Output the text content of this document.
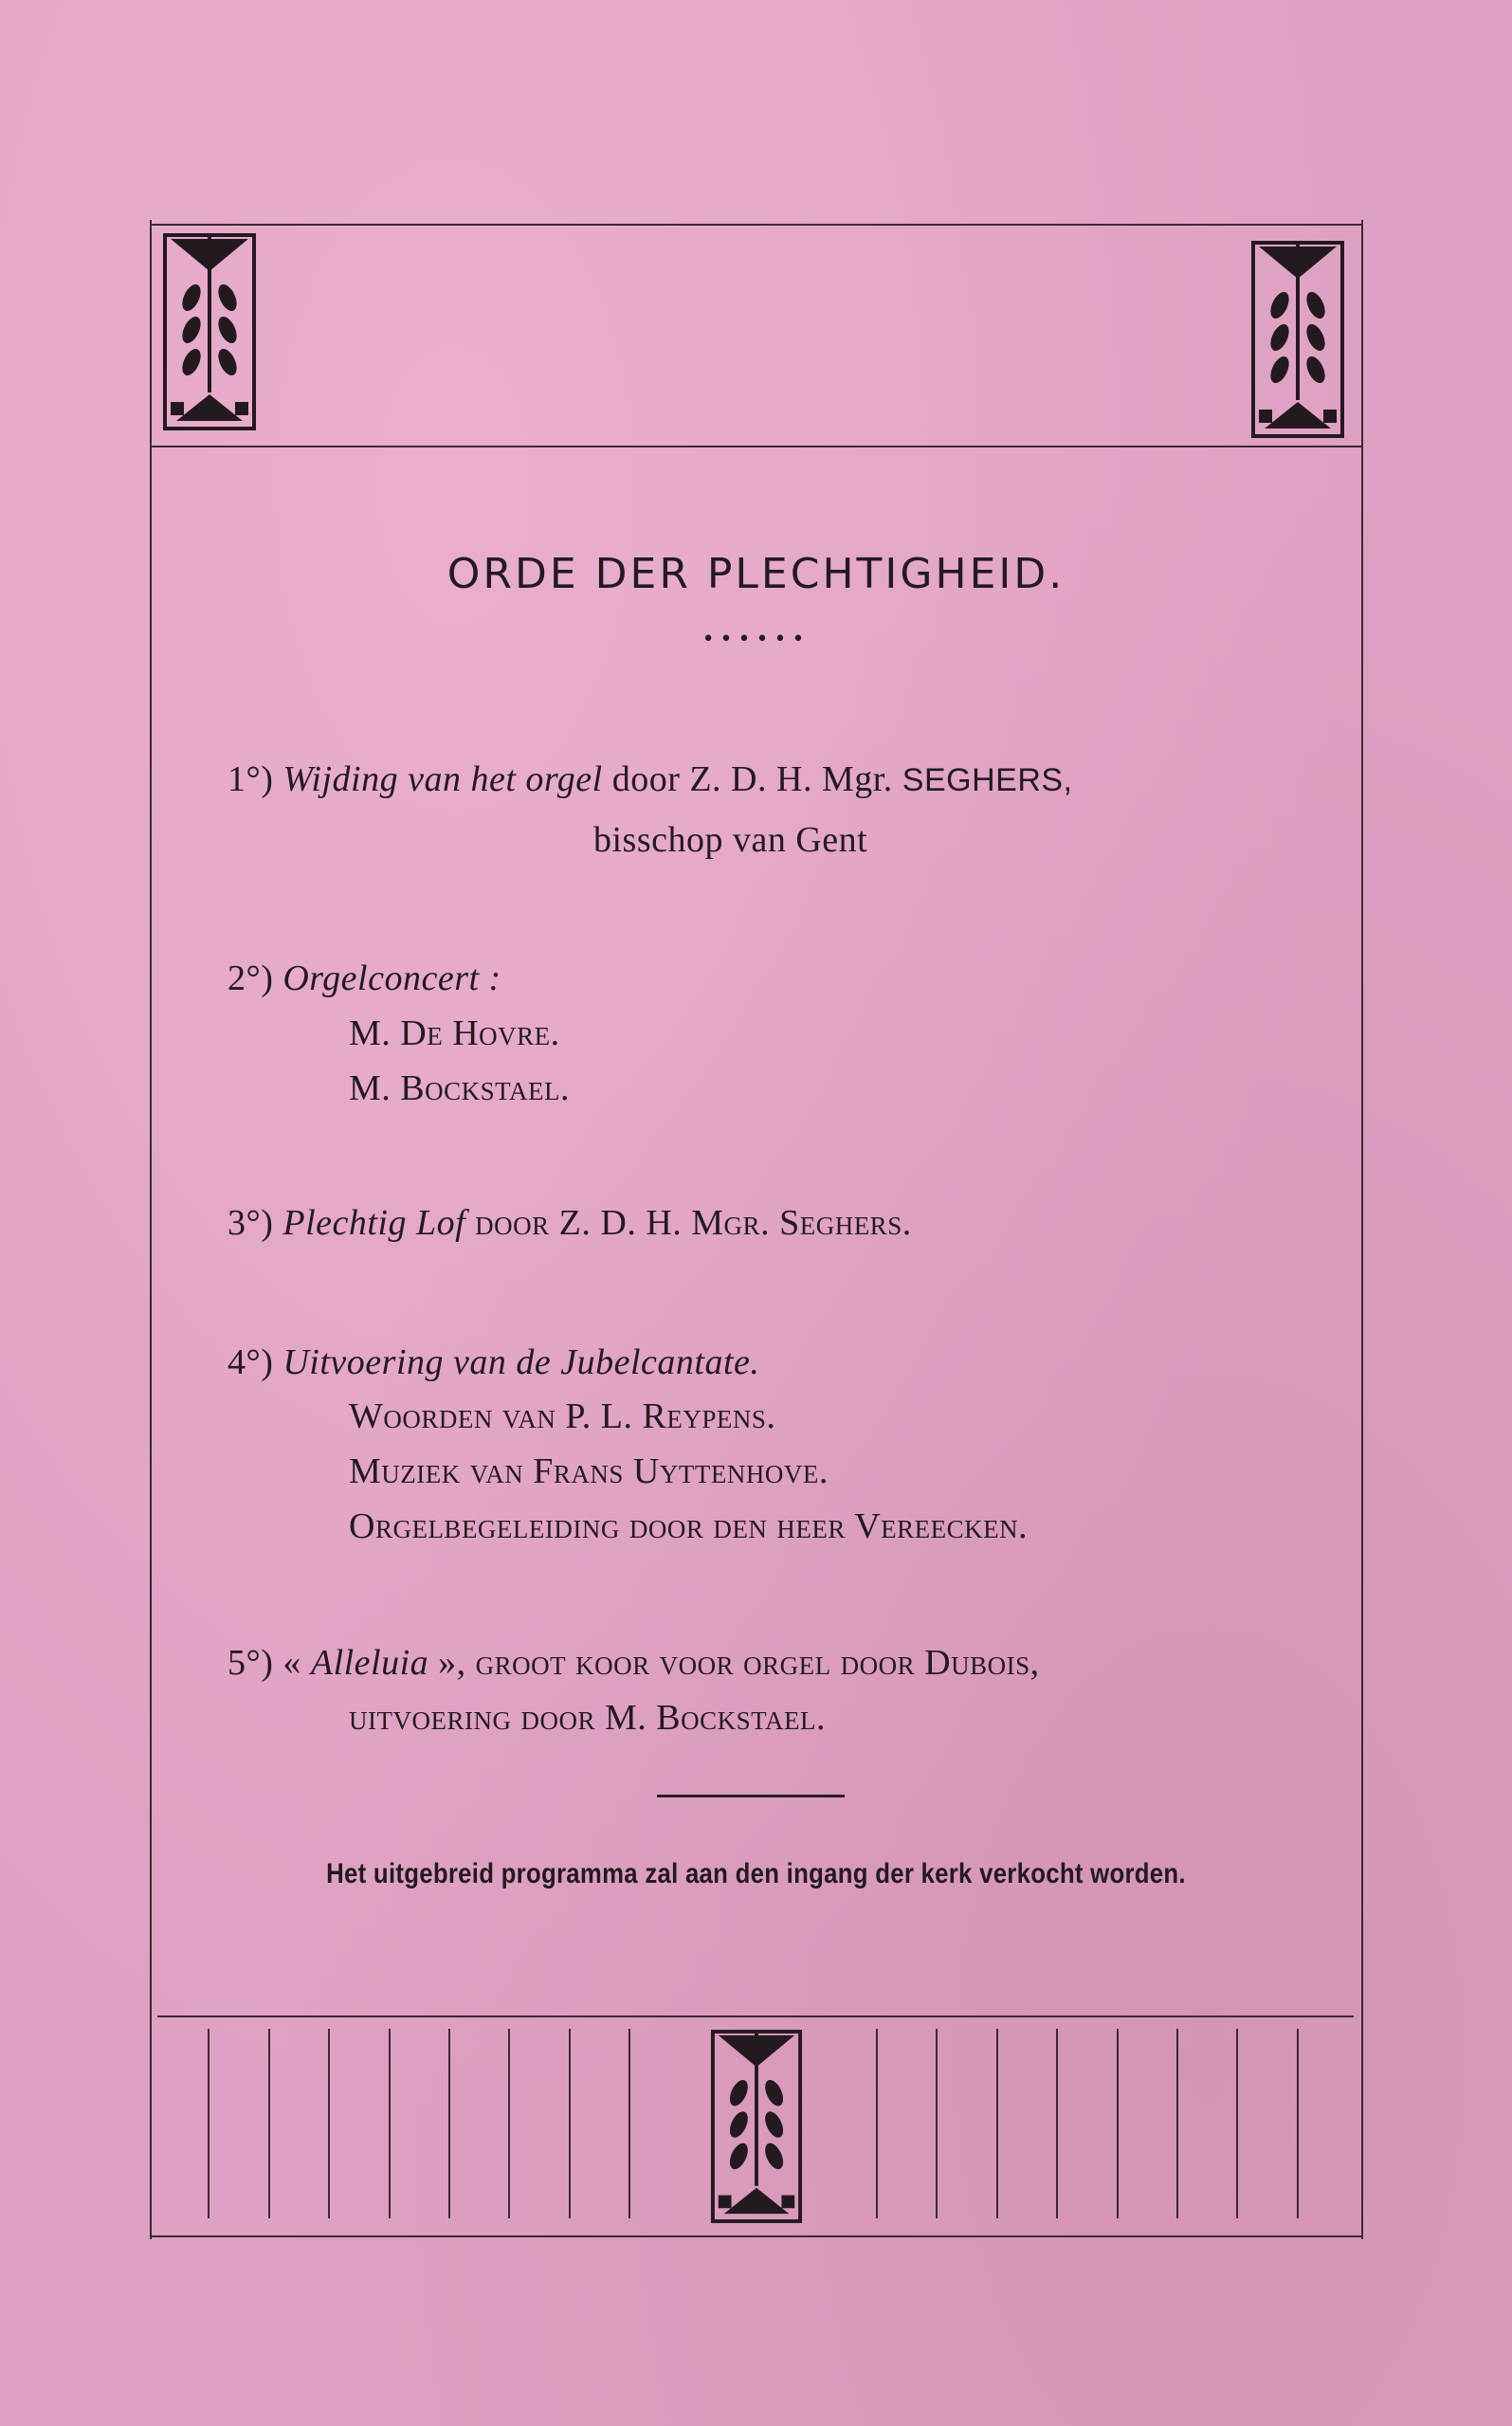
ORDE DER PLECHTIGHEID.
••••••
1°) Wijding van het orgel door Z. D. H. Mgr. SEGHERS,
bisschop van Gent
2°) Orgelconcert :
M. De Hovre.
M. Bockstael.
3°) Plechtig Lof door Z. D. H. Mgr. Seghers.
4°) Uitvoering van de Jubelcantate.
Woorden van P. L. Reypens.
Muziek van Frans Uyttenhove.
Orgelbegeleiding door den heer Vereecken.
5°) « Alleluia », groot koor voor orgel door Dubois,
uitvoering door M. Bockstael.
Het uitgebreid programma zal aan den ingang der kerk verkocht worden.
